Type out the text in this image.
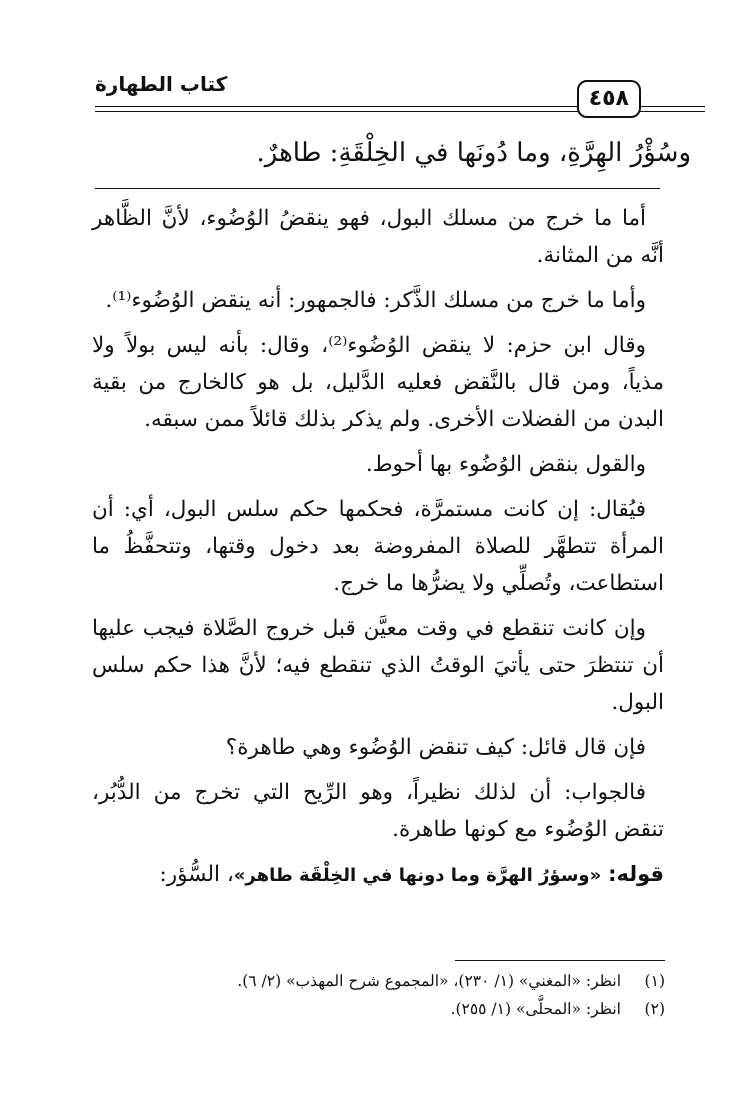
كتاب الطهارة
٤٥٨
وسُؤْرُ الهِرَّةِ، وما دُونَها في الخِلْقَةِ: طاهرٌ.

أما ما خرج من مسلك البول، فهو ينقضُ الوُضُوء، لأنَّ الظَّاهر أنَّه من المثانة.

وأما ما خرج من مسلك الذَّكر: فالجمهور: أنه ينقض الوُضُوء⁽¹⁾.

وقال ابن حزم: لا ينقض الوُضُوء⁽²⁾، وقال: بأنه ليس بولاً ولا مذياً، ومن قال بالنَّقض فعليه الدَّليل، بل هو كالخارج من بقية البدن من الفضلات الأخرى. ولم يذكر بذلك قائلاً ممن سبقه.

والقول بنقض الوُضُوء بها أحوط.

فيُقال: إن كانت مستمرَّة، فحكمها حكم سلس البول، أي: أن المرأة تتطهَّر للصلاة المفروضة بعد دخول وقتها، وتتحفَّظُ ما استطاعت، وتُصلِّي ولا يضرُّها ما خرج.

وإن كانت تنقطع في وقت معيَّن قبل خروج الصَّلاة فيجب عليها أن تنتظرَ حتى يأتيَ الوقتُ الذي تنقطع فيه؛ لأنَّ هذا حكم سلس البول.

فإن قال قائل: كيف تنقض الوُضُوء وهي طاهرة؟

فالجواب: أن لذلك نظيراً، وهو الرِّيح التي تخرج من الدُّبُر، تنقض الوُضُوء مع كونها طاهرة.

قوله: «وسؤرُ الهرَّة وما دونها في الخِلْقَة طاهر»، السُّؤر:

(١)انظر: «المغني» (١/ ٢٣٠)، «المجموع شرح المهذب» (٢/ ٦).
(٢)انظر: «المحلَّى» (١/ ٢٥٥).
